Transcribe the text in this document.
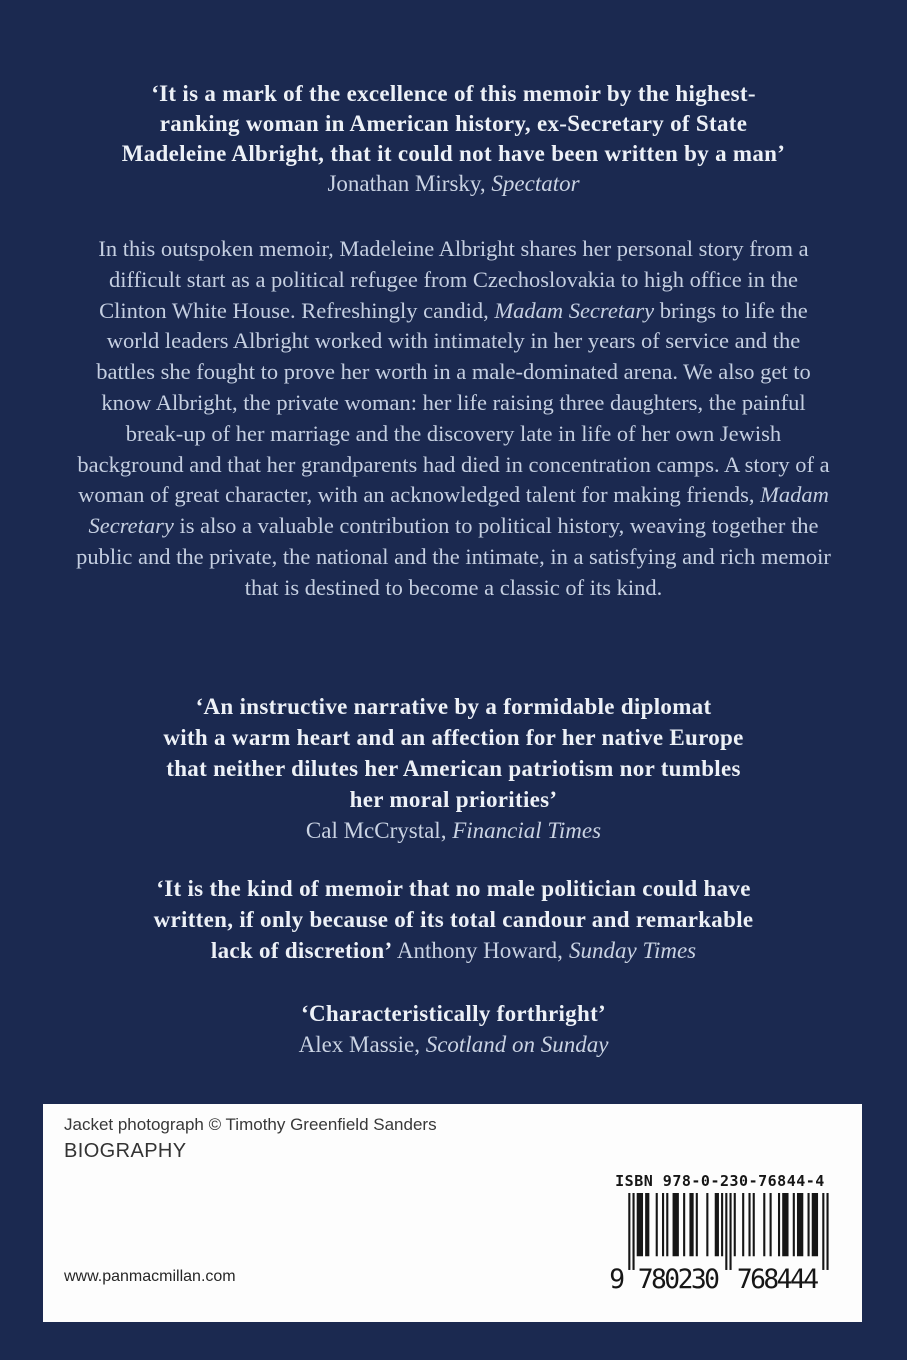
‘It is a mark of the excellence of this memoir by the highest-
ranking woman in American history, ex-Secretary of State
Madeleine Albright, that it could not have been written by a man’
Jonathan Mirsky, Spectator
In this outspoken memoir, Madeleine Albright shares her personal story from a difficult start as a political refugee from Czechoslovakia to high office in the Clinton White House. Refreshingly candid, Madam Secretary brings to life the world leaders Albright worked with intimately in her years of service and the battles she fought to prove her worth in a male-dominated arena. We also get to know Albright, the private woman: her life raising three daughters, the painful break-up of her marriage and the discovery late in life of her own Jewish background and that her grandparents had died in concentration camps. A story of a woman of great character, with an acknowledged talent for making friends, Madam Secretary is also a valuable contribution to political history, weaving together the public and the private, the national and the intimate, in a satisfying and rich memoir that is destined to become a classic of its kind.
‘An instructive narrative by a formidable diplomat
with a warm heart and an affection for her native Europe
that neither dilutes her American patriotism nor tumbles
her moral priorities’
Cal McCrystal, Financial Times
‘It is the kind of memoir that no male politician could have
written, if only because of its total candour and remarkable
lack of discretion’ Anthony Howard, Sunday Times
‘Characteristically forthright’
Alex Massie, Scotland on Sunday
Jacket photograph © Timothy Greenfield Sanders
BIOGRAPHY
www.panmacmillan.com
ISBN 978-0-230-76844-4
9 780230 768444
